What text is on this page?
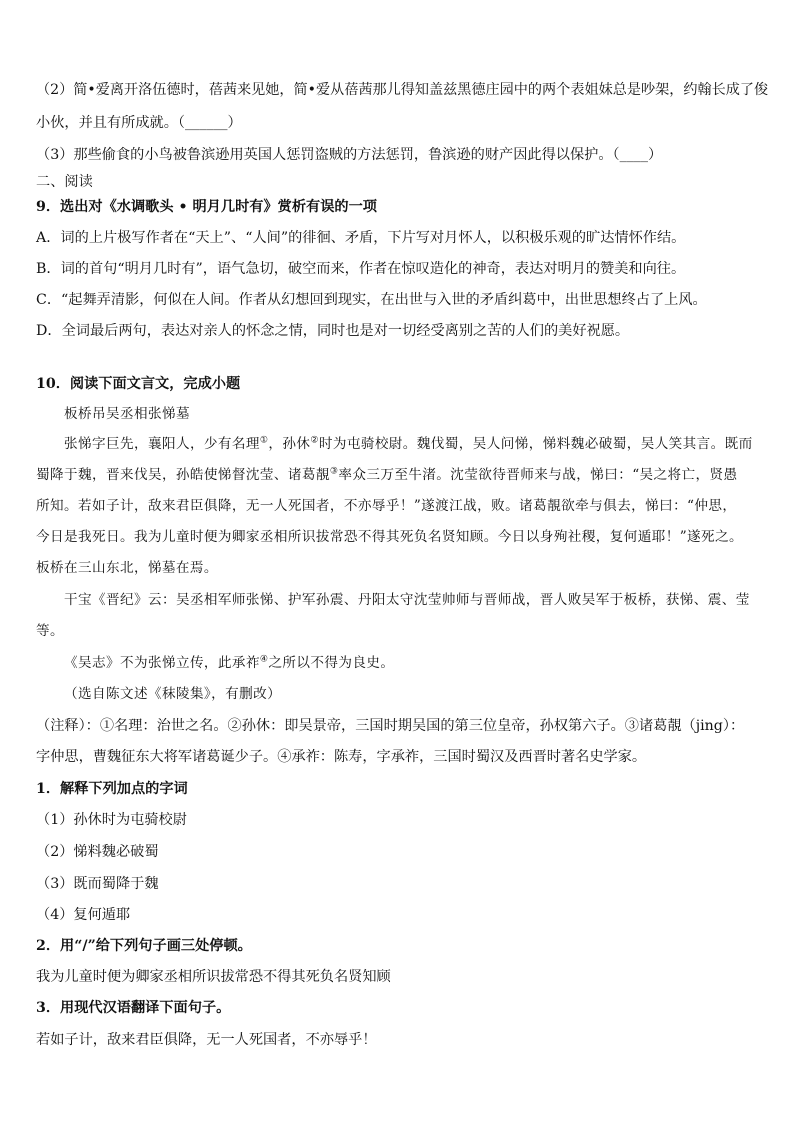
（2）简•爱离开洛伍德时，蓓茜来见她，简•爱从蓓茜那儿得知盖兹黑德庄园中的两个表姐妹总是吵架，约翰长成了俊
小伙，并且有所成就。（______）
（3）那些偷食的小鸟被鲁滨逊用英国人惩罚盗贼的方法惩罚，鲁滨逊的财产因此得以保护。（____）
二、阅读
9．选出对《水调歌头 • 明月几时有》赏析有误的一项
A．词的上片极写作者在“天上”、“人间”的徘徊、矛盾，下片写对月怀人，以积极乐观的旷达情怀作结。
B．词的首句“明月几时有”，语气急切，破空而来，作者在惊叹造化的神奇，表达对明月的赞美和向往。
C．“起舞弄清影，何似在人间。作者从幻想回到现实，在出世与入世的矛盾纠葛中，出世思想终占了上风。
D．全词最后两句，表达对亲人的怀念之情，同时也是对一切经受离别之苦的人们的美好祝愿。
10．阅读下面文言文，完成小题
板桥吊吴丞相张悌墓
张悌字巨先，襄阳人，少有名理①，孙休②时为屯骑校尉。魏伐蜀，吴人问悌，悌料魏必破蜀，吴人笑其言。既而
蜀降于魏，晋来伐吴，孙皓使悌督沈莹、诸葛靚③率众三万至牛渚。沈莹欲待晋师来与战，悌曰：“吴之将亡，贤愚
所知。若如子计，敌来君臣俱降，无一人死国者，不亦辱乎！”遂渡江战，败。诸葛靚欲牵与俱去，悌曰：“仲思，
今日是我死日。我为儿童时便为卿家丞相所识拔常恐不得其死负名贤知顾。今日以身殉社稷，复何遁耶！”遂死之。
板桥在三山东北，悌墓在焉。
干宝《晋纪》云：吴丞相军师张悌、护军孙震、丹阳太守沈莹帅师与晋师战，晋人败吴军于板桥，获悌、震、莹
等。
《吴志》不为张悌立传，此承祚④之所以不得为良史。
（选自陈文述《秣陵集》，有删改）
（注释）：①名理：治世之名。②孙休：即吴景帝，三国时期吴国的第三位皇帝，孙权第六子。③诸葛靚（jing）：
字仲思，曹魏征东大将军诸葛诞少子。④承祚：陈寿，字承祚，三国时蜀汉及西晋时著名史学家。
1．解释下列加点的字词
（1）孙休时为屯骑校尉
（2）悌料魏必破蜀
（3）既而蜀降于魏
（4）复何遁耶
2．用“/”给下列句子画三处停顿。
我为儿童时便为卿家丞相所识拔常恐不得其死负名贤知顾
3．用现代汉语翻译下面句子。
若如子计，敌来君臣俱降，无一人死国者，不亦辱乎！
